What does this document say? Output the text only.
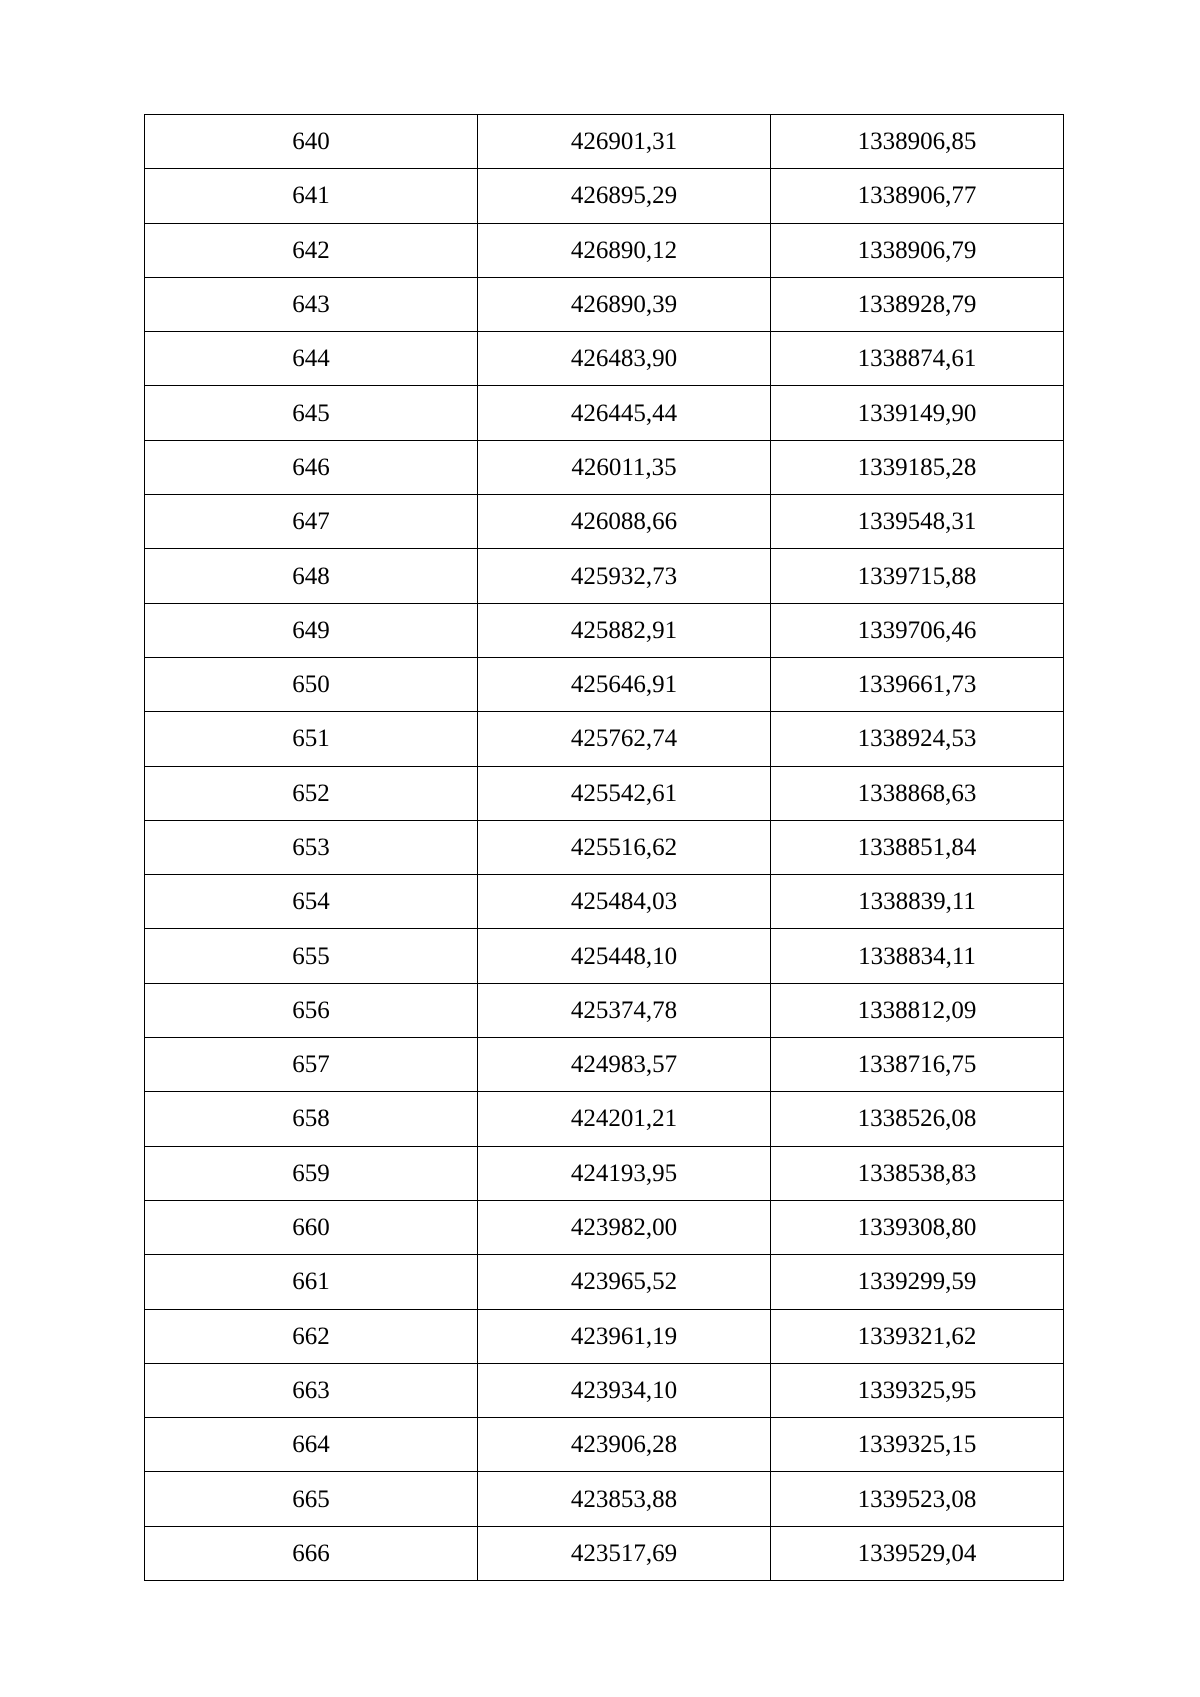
640	426901,31	1338906,85
641	426895,29	1338906,77
642	426890,12	1338906,79
643	426890,39	1338928,79
644	426483,90	1338874,61
645	426445,44	1339149,90
646	426011,35	1339185,28
647	426088,66	1339548,31
648	425932,73	1339715,88
649	425882,91	1339706,46
650	425646,91	1339661,73
651	425762,74	1338924,53
652	425542,61	1338868,63
653	425516,62	1338851,84
654	425484,03	1338839,11
655	425448,10	1338834,11
656	425374,78	1338812,09
657	424983,57	1338716,75
658	424201,21	1338526,08
659	424193,95	1338538,83
660	423982,00	1339308,80
661	423965,52	1339299,59
662	423961,19	1339321,62
663	423934,10	1339325,95
664	423906,28	1339325,15
665	423853,88	1339523,08
666	423517,69	1339529,04
